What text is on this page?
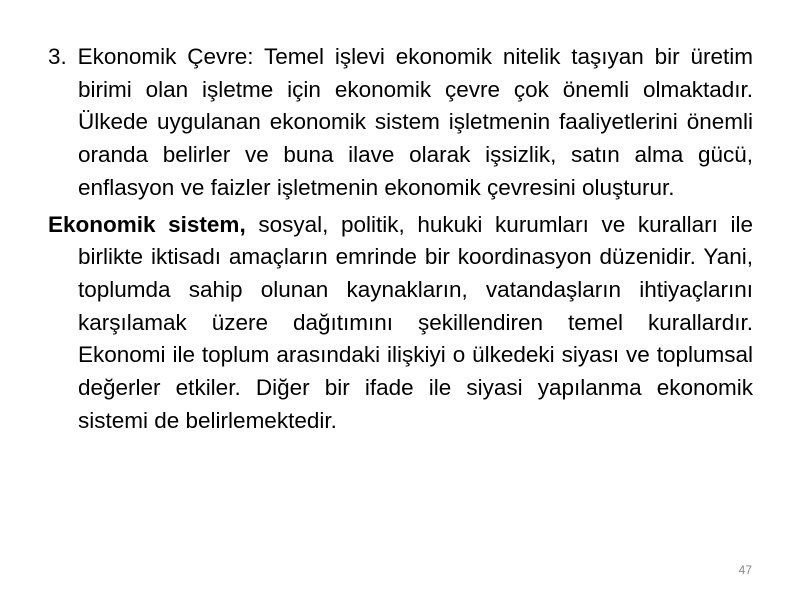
3. Ekonomik Çevre: Temel işlevi ekonomik nitelik taşıyan bir üretim birimi olan işletme için ekonomik çevre çok önemli olmaktadır. Ülkede uygulanan ekonomik sistem işletmenin faaliyetlerini önemli oranda belirler ve buna ilave olarak işsizlik, satın alma gücü, enflasyon ve faizler işletmenin ekonomik çevresini oluşturur.

Ekonomik sistem, sosyal, politik, hukuki kurumları ve kuralları ile birlikte iktisadı amaçların emrinde bir koordinasyon düzenidir. Yani, toplumda sahip olunan kaynakların, vatandaşların ihtiyaçlarını karşılamak üzere dağıtımını şekillendiren temel kurallardır. Ekonomi ile toplum arasındaki ilişkiyi o ülkedeki siyası ve toplumsal değerler etkiler. Diğer bir ifade ile siyasi yapılanma ekonomik sistemi de belirlemektedir.

47
